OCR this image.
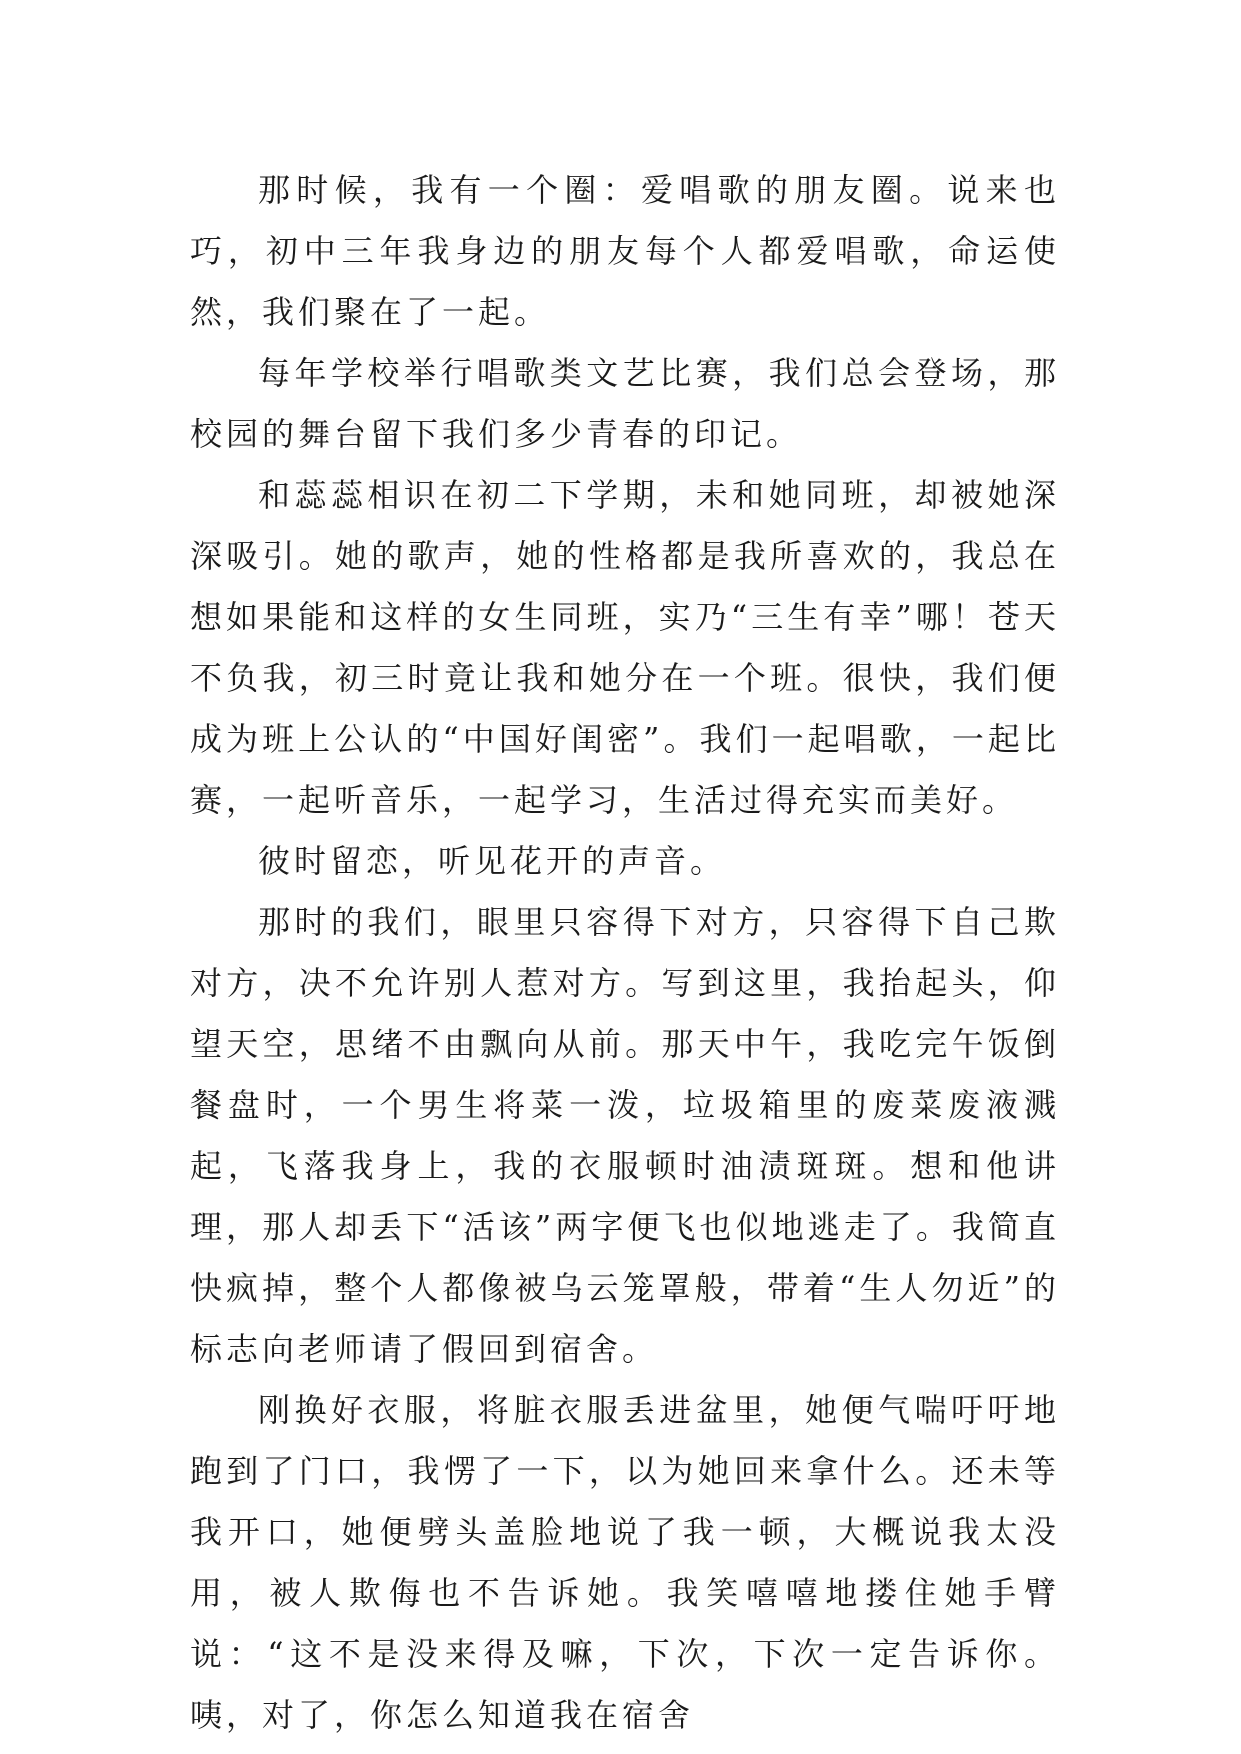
那时候，我有一个圈：爱唱歌的朋友圈。说来也巧，初中三年我身边的朋友每个人都爱唱歌，命运使然，我们聚在了一起。

每年学校举行唱歌类文艺比赛，我们总会登场，那校园的舞台留下我们多少青春的印记。

和蕊蕊相识在初二下学期，未和她同班，却被她深深吸引。她的歌声，她的性格都是我所喜欢的，我总在想如果能和这样的女生同班，实乃“三生有幸”哪！苍天不负我，初三时竟让我和她分在一个班。很快，我们便成为班上公认的“中国好闺密”。我们一起唱歌，一起比赛，一起听音乐，一起学习，生活过得充实而美好。

彼时留恋，听见花开的声音。

那时的我们，眼里只容得下对方，只容得下自己欺对方，决不允许别人惹对方。写到这里，我抬起头，仰望天空，思绪不由飘向从前。那天中午，我吃完午饭倒餐盘时，一个男生将菜一泼，垃圾箱里的废菜废液溅起，飞落我身上，我的衣服顿时油渍斑斑。想和他讲理，那人却丢下“活该”两字便飞也似地逃走了。我简直快疯掉，整个人都像被乌云笼罩般，带着“生人勿近”的标志向老师请了假回到宿舍。

刚换好衣服，将脏衣服丢进盆里，她便气喘吁吁地跑到了门口，我愣了一下，以为她回来拿什么。还未等我开口，她便劈头盖脸地说了我一顿，大概说我太没用，被人欺侮也不告诉她。我笑嘻嘻地搂住她手臂说：“这不是没来得及嘛，下次，下次一定告诉你。咦，对了，你怎么知道我在宿舍
